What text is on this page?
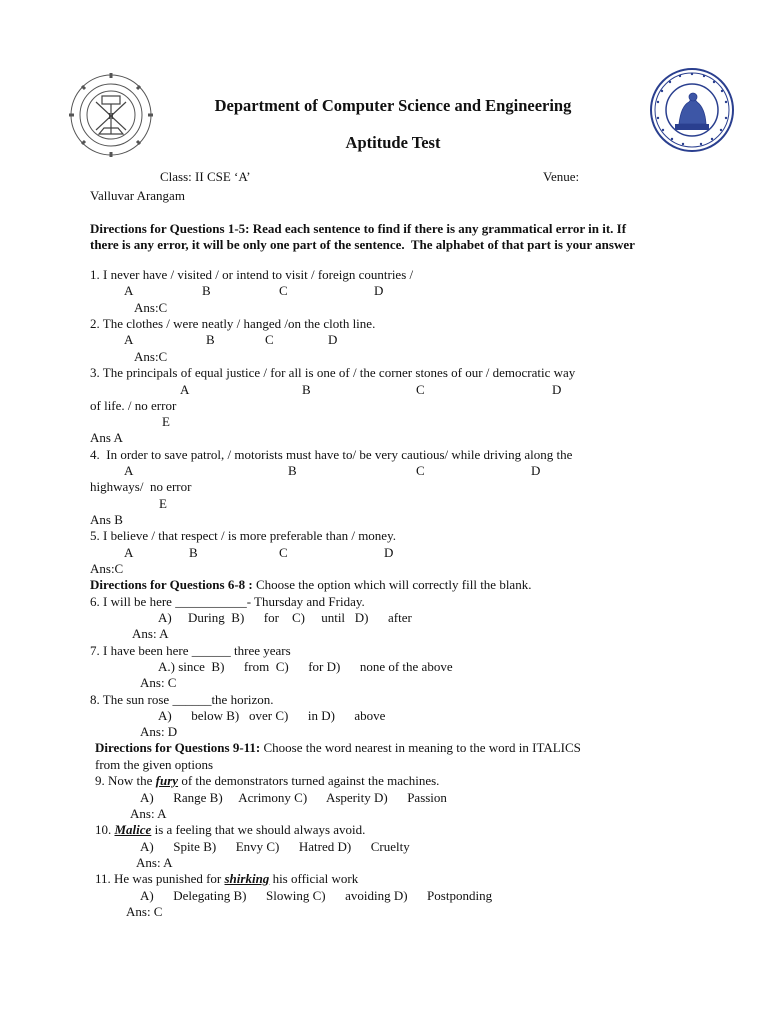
II
Department of Computer Science and Engineering
Aptitude Test
Class: II CSE ‘A’	Venue:
Valluvar Arangam
Directions for Questions 1-5: Read each sentence to find if there is any grammatical error in it. If
there is any error, it will be only one part of the sentence.  The alphabet of that part is your answer
1. I never have / visited / or intend to visit / foreign countries /
A	B	C	D
Ans:C
2. The clothes / were neatly / hanged /on the cloth line.
A	B	C	D
Ans:C
3. The principals of equal justice / for all is one of / the corner stones of our / democratic way
A	B	C	D
of life. / no error
E
Ans A
4.  In order to save patrol, / motorists must have to/ be very cautious/ while driving along the
A	B	C	D
highways/  no error
E
Ans B
5. I believe / that respect / is more preferable than / money.
A	B	C	D
Ans:C
Directions for Questions 6-8 : Choose the option which will correctly fill the blank.
6. I will be here ___________- Thursday and Friday.
A)     During  B)      for    C)     until   D)      after
Ans: A
7. I have been here ______ three years
A.) since  B)      from  C)      for D)      none of the above
Ans: C
8. The sun rose ______the horizon.
A)      below B)   over C)      in D)      above
Ans: D
Directions for Questions 9-11: Choose the word nearest in meaning to the word in ITALICS
from the given options
9. Now the fury of the demonstrators turned against the machines.
A)      Range B)     Acrimony C)      Asperity D)      Passion
Ans: A
10. Malice is a feeling that we should always avoid.
A)      Spite B)      Envy C)      Hatred D)      Cruelty
Ans: A
11. He was punished for shirking his official work
A)      Delegating B)      Slowing C)      avoiding D)      Postponding
Ans: C
